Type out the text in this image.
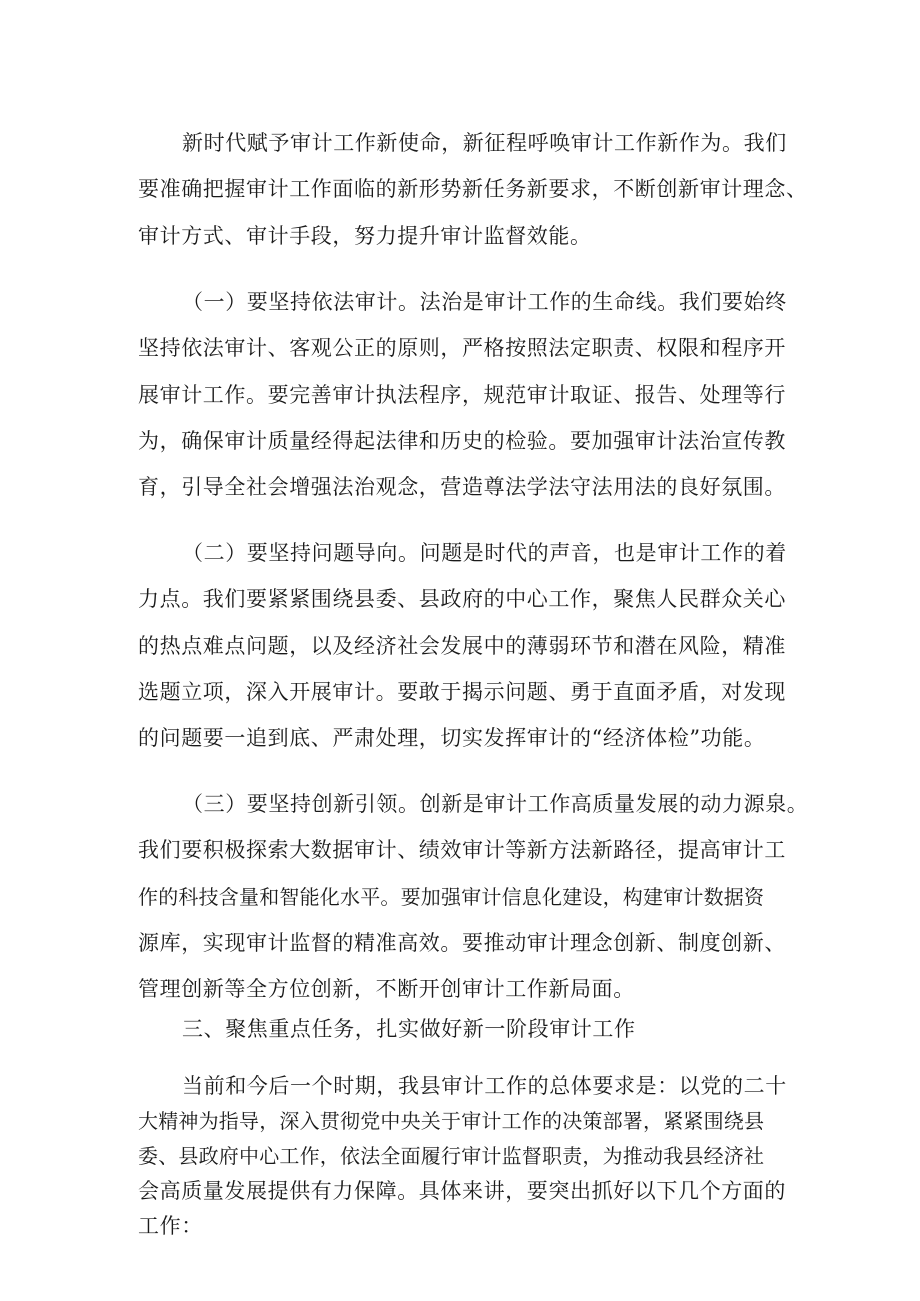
新时代赋予审计工作新使命，新征程呼唤审计工作新作为。我们
要准确把握审计工作面临的新形势新任务新要求，不断创新审计理念、
审计方式、审计手段，努力提升审计监督效能。
（一）要坚持依法审计。法治是审计工作的生命线。我们要始终
坚持依法审计、客观公正的原则，严格按照法定职责、权限和程序开
展审计工作。要完善审计执法程序，规范审计取证、报告、处理等行
为，确保审计质量经得起法律和历史的检验。要加强审计法治宣传教
育，引导全社会增强法治观念，营造尊法学法守法用法的良好氛围。
（二）要坚持问题导向。问题是时代的声音，也是审计工作的着
力点。我们要紧紧围绕县委、县政府的中心工作，聚焦人民群众关心
的热点难点问题，以及经济社会发展中的薄弱环节和潜在风险，精准
选题立项，深入开展审计。要敢于揭示问题、勇于直面矛盾，对发现
的问题要一追到底、严肃处理，切实发挥审计的“经济体检”功能。
（三）要坚持创新引领。创新是审计工作高质量发展的动力源泉。
我们要积极探索大数据审计、绩效审计等新方法新路径，提高审计工
作的科技含量和智能化水平。要加强审计信息化建设，构建审计数据资
源库，实现审计监督的精准高效。要推动审计理念创新、制度创新、
管理创新等全方位创新，不断开创审计工作新局面。
三、聚焦重点任务，扎实做好新一阶段审计工作
当前和今后一个时期，我县审计工作的总体要求是：以党的二十
大精神为指导，深入贯彻党中央关于审计工作的决策部署，紧紧围绕县
委、县政府中心工作，依法全面履行审计监督职责，为推动我县经济社
会高质量发展提供有力保障。具体来讲，要突出抓好以下几个方面的
工作：
